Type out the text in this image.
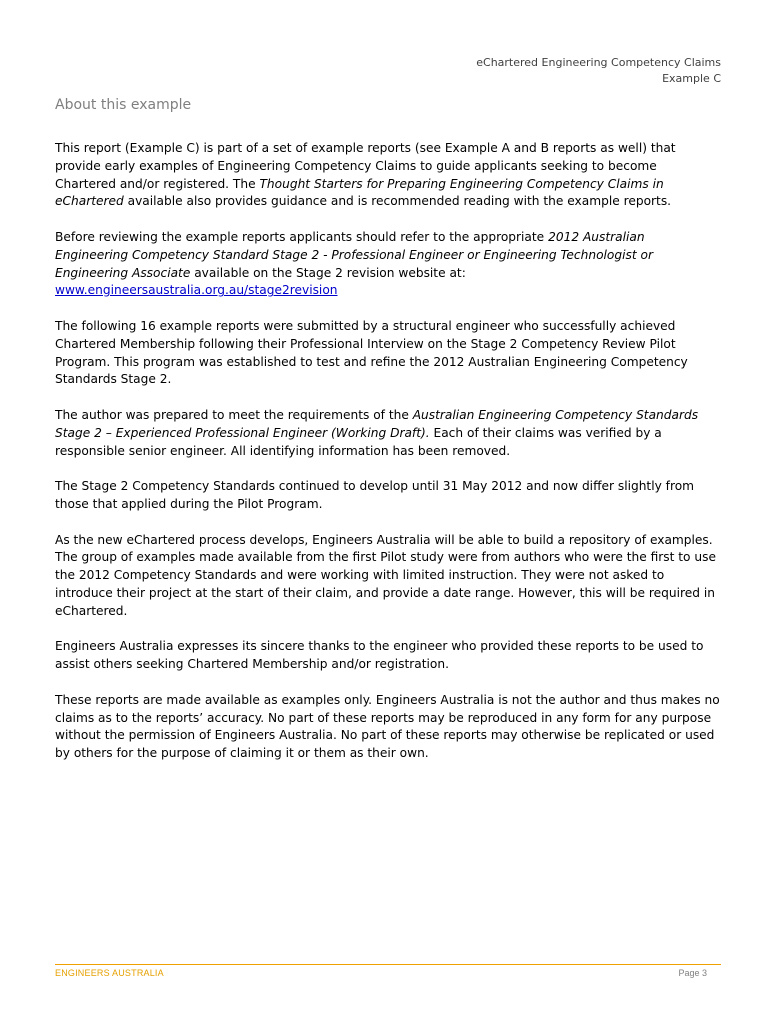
eChartered Engineering Competency Claims
Example C
About this example

This report (Example C) is part of a set of example reports (see Example A and B reports as well) that provide early examples of Engineering Competency Claims to guide applicants seeking to become Chartered and/or registered. The Thought Starters for Preparing Engineering Competency Claims in eChartered available also provides guidance and is recommended reading with the example reports.

Before reviewing the example reports applicants should refer to the appropriate 2012 Australian Engineering Competency Standard Stage 2 - Professional Engineer or Engineering Technologist or Engineering Associate available on the Stage 2 revision website at:
www.engineersaustralia.org.au/stage2revision

The following 16 example reports were submitted by a structural engineer who successfully achieved Chartered Membership following their Professional Interview on the Stage 2 Competency Review Pilot Program. This program was established to test and refine the 2012 Australian Engineering Competency Standards Stage 2.

The author was prepared to meet the requirements of the Australian Engineering Competency Standards Stage 2 – Experienced Professional Engineer (Working Draft). Each of their claims was verified by a responsible senior engineer. All identifying information has been removed.

The Stage 2 Competency Standards continued to develop until 31 May 2012 and now differ slightly from those that applied during the Pilot Program.

As the new eChartered process develops, Engineers Australia will be able to build a repository of examples. The group of examples made available from the first Pilot study were from authors who were the first to use the 2012 Competency Standards and were working with limited instruction. They were not asked to introduce their project at the start of their claim, and provide a date range. However, this will be required in eChartered.

Engineers Australia expresses its sincere thanks to the engineer who provided these reports to be used to assist others seeking Chartered Membership and/or registration.

These reports are made available as examples only. Engineers Australia is not the author and thus makes no claims as to the reports’ accuracy. No part of these reports may be reproduced in any form for any purpose without the permission of Engineers Australia. No part of these reports may otherwise be replicated or used by others for the purpose of claiming it or them as their own.

ENGINEERS AUSTRALIA	Page 3
